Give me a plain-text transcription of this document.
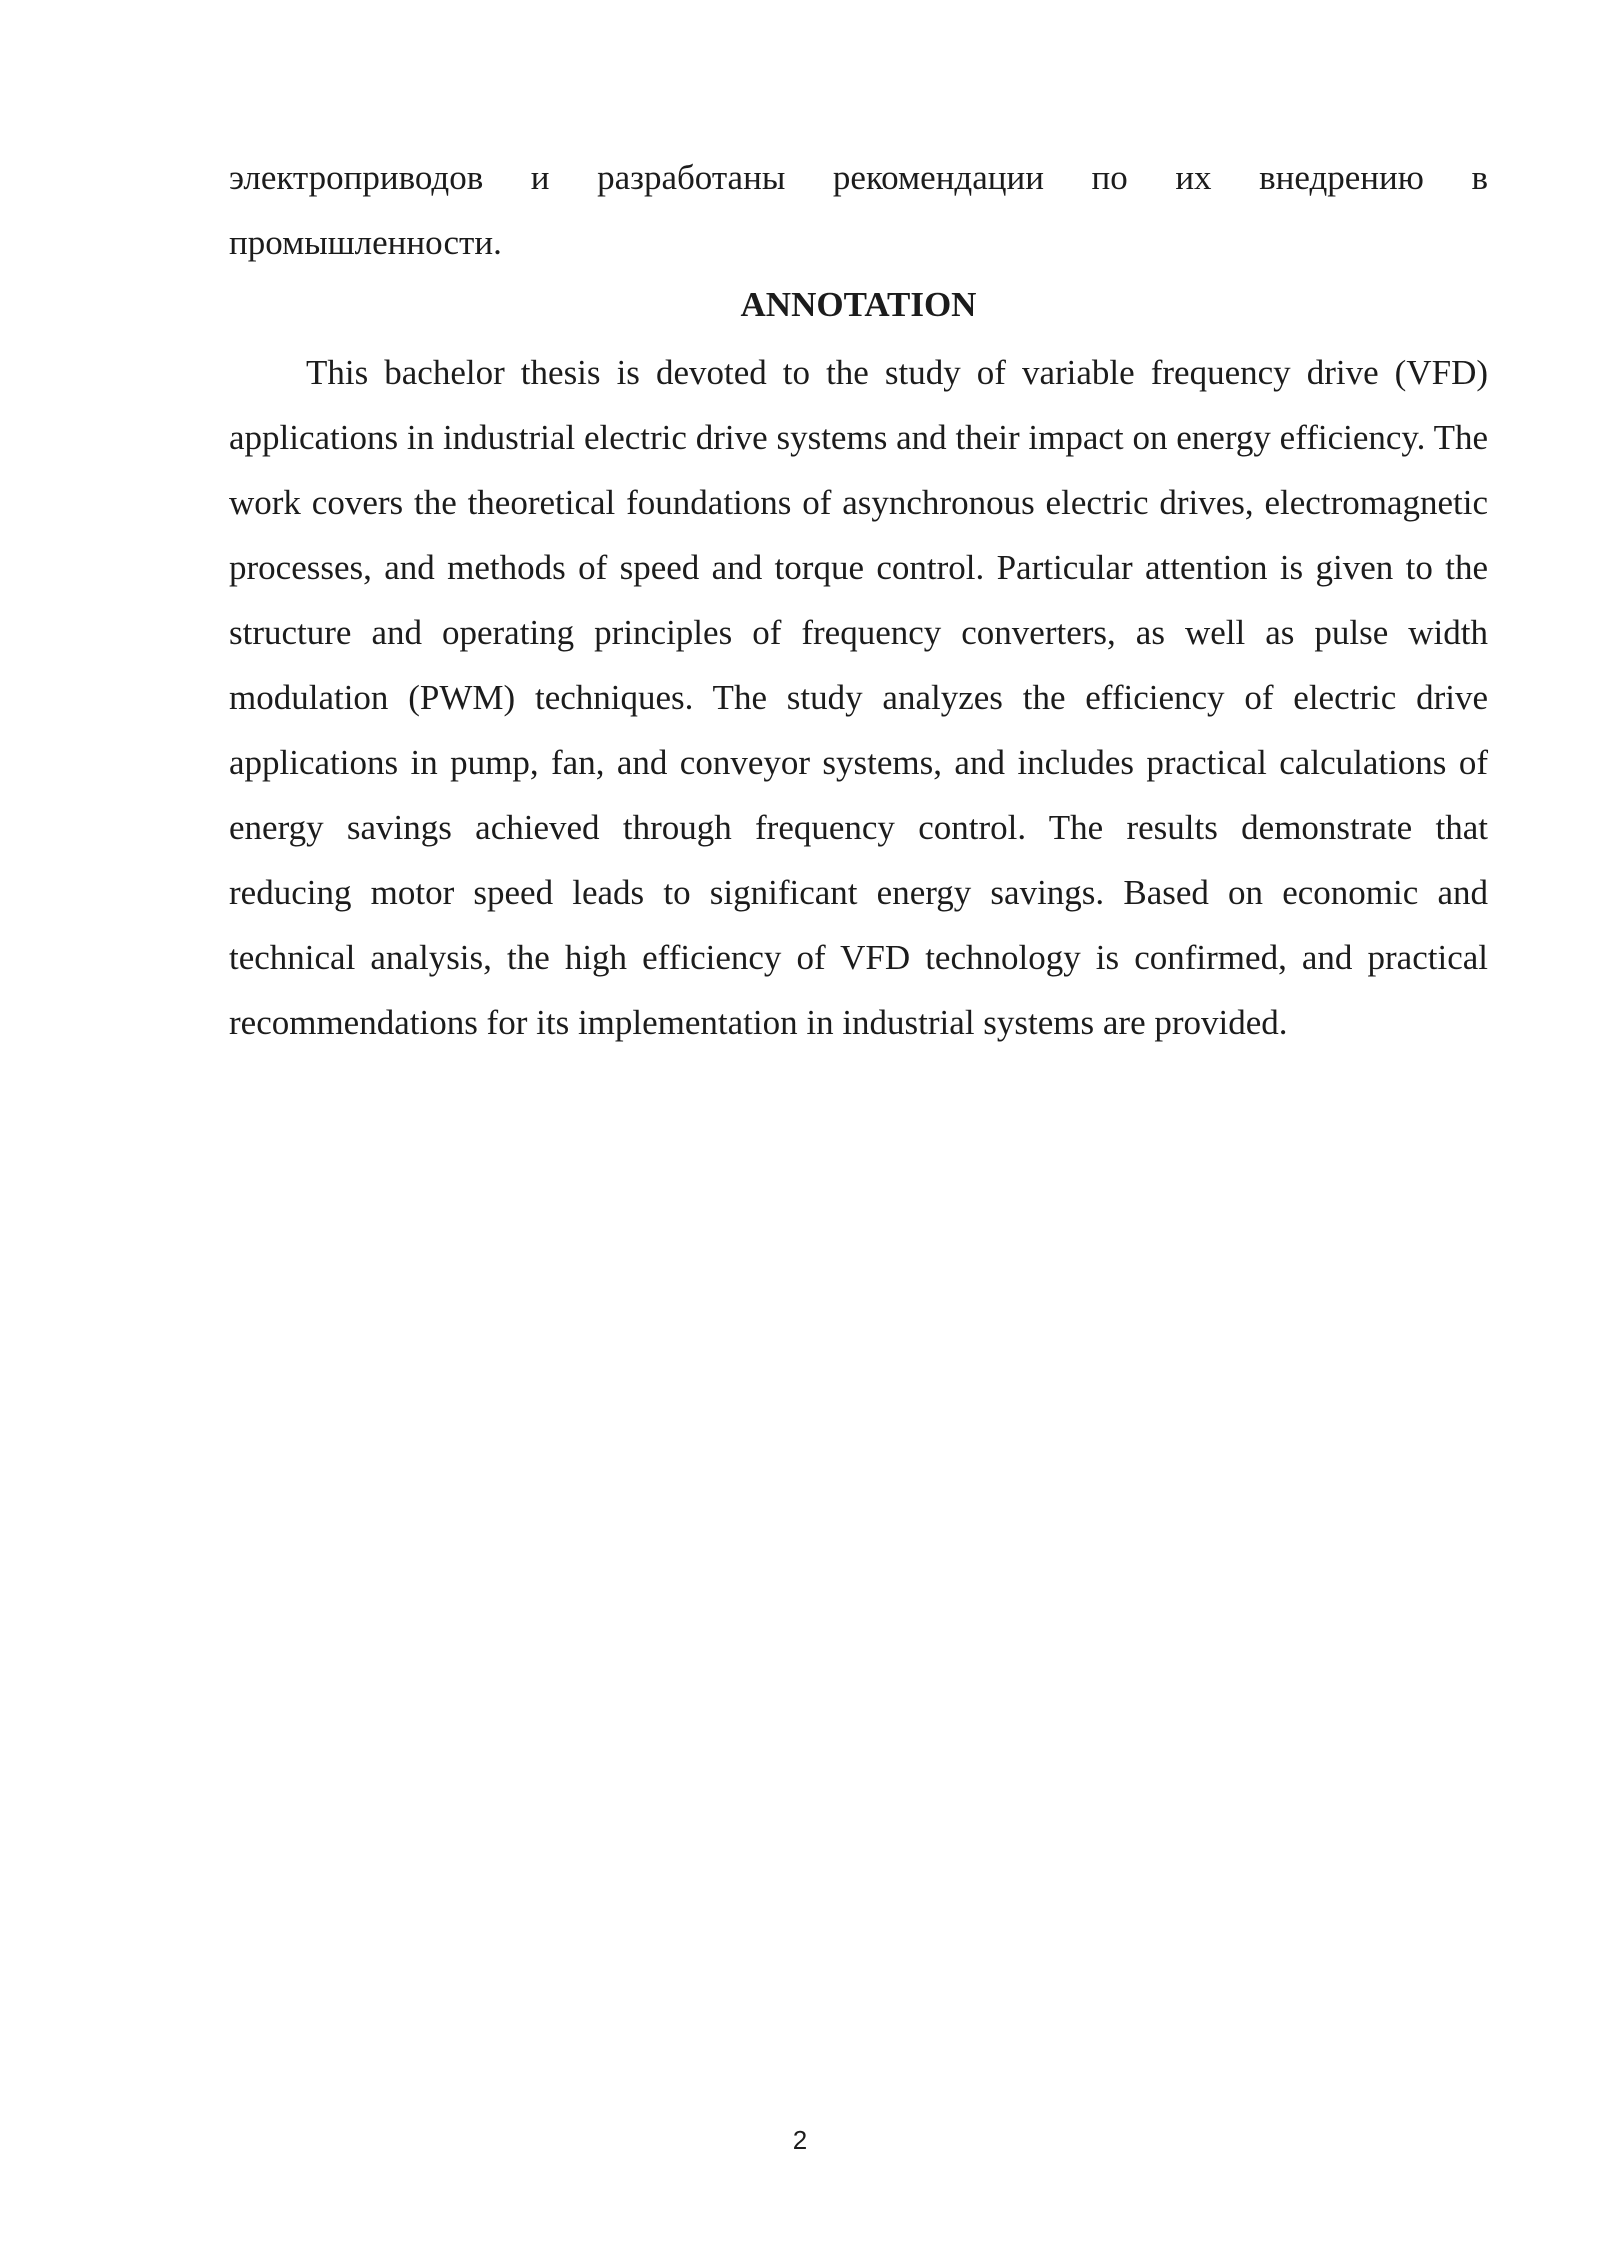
электроприводов и разработаны рекомендации по их внедрению в промышленности.

ANNOTATION

This bachelor thesis is devoted to the study of variable frequency drive (VFD) applications in industrial electric drive systems and their impact on energy efficiency. The work covers the theoretical foundations of asynchronous electric drives, electromagnetic processes, and methods of speed and torque control. Particular attention is given to the structure and operating principles of frequency converters, as well as pulse width modulation (PWM) techniques. The study analyzes the efficiency of electric drive applications in pump, fan, and conveyor systems, and includes practical calculations of energy savings achieved through frequency control. The results demonstrate that reducing motor speed leads to significant energy savings. Based on economic and technical analysis, the high efficiency of VFD technology is confirmed, and practical recommendations for its implementation in industrial systems are provided.

2
